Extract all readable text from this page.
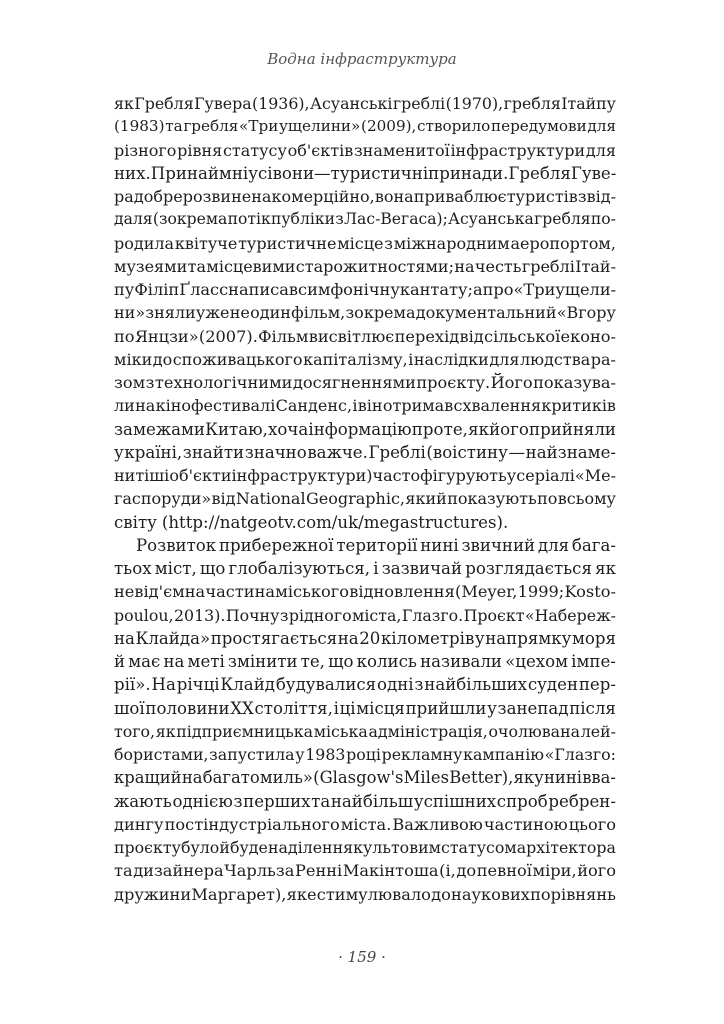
Водна інфраструктура
як Гребля Гувера (1936), Асуанські греблі (1970), гребля Ітайпу
(1983) та гребля «Три ущелини» (2009), створило передумови для
різного рівня статусу об'єктів знаменитої інфраструктури для
них. Принаймні усі вони — туристичні принади. Гребля Гуве-
ра добре розвинена комерційно, вона приваблює туристів звід-
даля (зокрема потік публіки з Лас-Вегаса); Асуанська гребля по-
родила квітуче туристичне місце з міжнародним аеропортом,
музеями та місцевими старожитностями; на честь греблі Ітай-
пу Філіп Ґласс написав симфонічну кантату; а про «Три ущели-
ни» зняли уже не один фільм, зокрема документальний «Вгору
по Янцзи» (2007). Фільм висвітлює перехід від сільської еконо-
міки до споживацького капіталізму, і наслідки для людства ра-
зом з технологічними досягненнями проєкту. Його показува-
ли на кінофестивалі Санденс, і він отримав схвалення критиків
за межами Китаю, хоча інформацію про те, як його прийняли
у країні, знайти значно важче. Греблі (воістину — найзнаме-
нитіші об'єкти інфраструктури) часто фігурують у серіалі «Ме-
гаспоруди» від National Geographic, який показують по всьому
світу (http://natgeotv.com/uk/megastructures).
Розвиток прибережної території нині звичний для бага-
тьох міст, що глобалізуються, і зазвичай розглядається як
невід'ємна частина міського відновлення (Meyer, 1999; Kosto-
poulou, 2013). Почну з рідного міста, Глазго. Проєкт «Набереж-
на Клайда» простягається на 20 кілометрів у напрямку моря
й має на меті змінити те, що колись називали «цехом імпе-
рії». На річці Клайд будувалися одні з найбільших суден пер-
шої половини XX століття, і ці місця прийшли у занепад після
того, як підприємницька міська адміністрація, очолювана лей-
бористами, запустила у 1983 році рекламну кампанію «Глазго:
кращий на багато миль» (Glasgow's Miles Better), яку нині вва-
жають однією з перших та найбільш успішних спроб ребрен-
дингу постіндустріального міста. Важливою частиною цього
проєкту було й буде наділення культовим статусом архітектора
та дизайнера Чарльза Ренні Макінтоша (і, до певної міри, його
дружини Маргарет), яке стимулювало до наукових порівнянь
· 159 ·
